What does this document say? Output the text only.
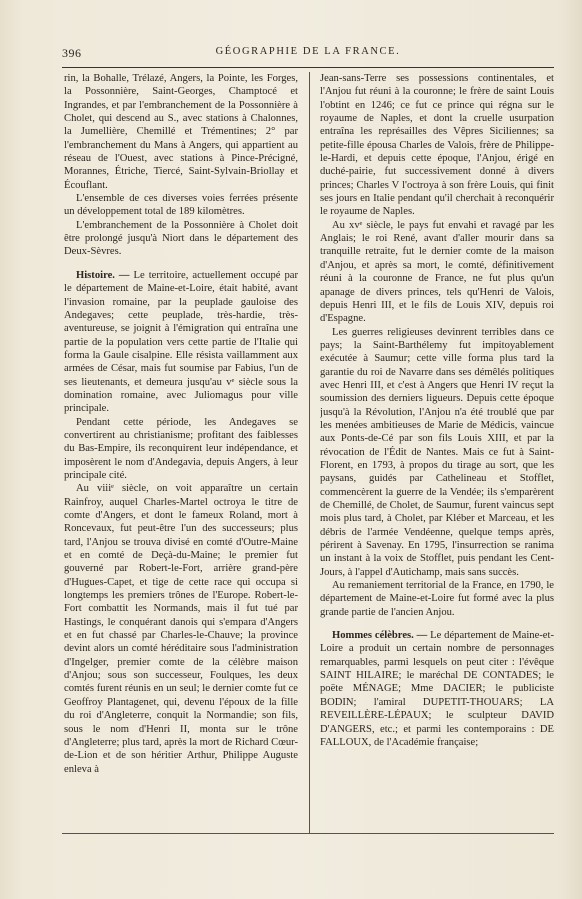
396	GÉOGRAPHIE DE LA FRANCE.

rin, la Bohalle, Trélazé, Angers, la Pointe, les Forges, la Possonnière, Saint-Georges, Champtocé et Ingrandes, et par l'embranchement de la Possonnière à Cholet, qui descend au S., avec stations à Chalonnes, la Jumellière, Chemillé et Trémentines; 2° par l'embranchement du Mans à Angers, qui appartient au réseau de l'Ouest, avec stations à Pince-Précigné, Morannes, Étriche, Tiercé, Saint-Sylvain-Briollay et Écouflant.

L'ensemble de ces diverses voies ferrées présente un développement total de 189 kilomètres.

L'embranchement de la Possonnière à Cholet doit être prolongé jusqu'à Niort dans le département des Deux-Sèvres.

Histoire. — Le territoire, actuellement occupé par le département de Maine-et-Loire, était habité, avant l'invasion romaine, par la peuplade gauloise des Andegaves; cette peuplade, très-hardie, très-aventureuse, se joignit à l'émigration qui entraîna une partie de la population vers cette partie de l'Italie qui forma la Gaule cisalpine. Elle résista vaillamment aux armées de César, mais fut soumise par Fabius, l'un de ses lieutenants, et demeura jusqu'au vᵉ siècle sous la domination romaine, avec Juliomagus pour ville principale.

Pendant cette période, les Andegaves se convertirent au christianisme; profitant des faiblesses du Bas-Empire, ils reconquirent leur indépendance, et imposèrent le nom d'Andegavia, depuis Angers, à leur principale cité.

Au viiiᵉ siècle, on voit apparaître un certain Rainfroy, auquel Charles-Martel octroya le titre de comte d'Angers, et dont le fameux Roland, mort à Roncevaux, fut peut-être l'un des successeurs; plus tard, l'Anjou se trouva divisé en comté d'Outre-Maine et en comté de Deçà-du-Maine; le premier fut gouverné par Robert-le-Fort, arrière grand-père d'Hugues-Capet, et tige de cette race qui occupa si longtemps les premiers trônes de l'Europe. Robert-le-Fort combattit les Normands, mais il fut tué par Hastings, le conquérant danois qui s'empara d'Angers et en fut chassé par Charles-le-Chauve; la province devint alors un comté héréditaire sous l'administration d'Ingelger, premier comte de la célèbre maison d'Anjou; sous son successeur, Foulques, les deux comtés furent réunis en un seul; le dernier comte fut ce Geoffroy Plantagenet, qui, devenu l'époux de la fille du roi d'Angleterre, conquit la Normandie; son fils, sous le nom d'Henri II, monta sur le trône d'Angleterre; plus tard, après la mort de Richard Cœur-de-Lion et de son héritier Arthur, Philippe Auguste enleva à

Jean-sans-Terre ses possessions continentales, et l'Anjou fut réuni à la couronne; le frère de saint Louis l'obtint en 1246; ce fut ce prince qui régna sur le royaume de Naples, et dont la cruelle usurpation entraîna les représailles des Vêpres Siciliennes; sa petite-fille épousa Charles de Valois, frère de Philippe-le-Hardi, et depuis cette époque, l'Anjou, érigé en duché-pairie, fut successivement donné à divers princes; Charles V l'octroya à son frère Louis, qui finit ses jours en Italie pendant qu'il cherchait à reconquérir le royaume de Naples.

Au xvᵉ siècle, le pays fut envahi et ravagé par les Anglais; le roi René, avant d'aller mourir dans sa tranquille retraite, fut le dernier comte de la maison d'Anjou, et après sa mort, le comté, définitivement réuni à la couronne de France, ne fut plus qu'un apanage de divers princes, tels qu'Henri de Valois, depuis Henri III, et le fils de Louis XIV, depuis roi d'Espagne.

Les guerres religieuses devinrent terribles dans ce pays; la Saint-Barthélemy fut impitoyablement exécutée à Saumur; cette ville forma plus tard la garantie du roi de Navarre dans ses démêlés politiques avec Henri III, et c'est à Angers que Henri IV reçut la soumission des derniers ligueurs. Depuis cette époque jusqu'à la Révolution, l'Anjou n'a été troublé que par les menées ambitieuses de Marie de Médicis, vaincue aux Ponts-de-Cé par son fils Louis XIII, et par la révocation de l'Édit de Nantes. Mais ce fut à Saint-Florent, en 1793, à propos du tirage au sort, que les paysans, guidés par Cathelineau et Stofflet, commencèrent la guerre de la Vendée; ils s'emparèrent de Chemillé, de Cholet, de Saumur, furent vaincus sept mois plus tard, à Cholet, par Kléber et Marceau, et les débris de l'armée Vendéenne, quelque temps après, périrent à Savenay. En 1795, l'insurrection se ranima un instant à la voix de Stofflet, puis pendant les Cent-Jours, à l'appel d'Autichamp, mais sans succès.

Au remaniement territorial de la France, en 1790, le département de Maine-et-Loire fut formé avec la plus grande partie de l'ancien Anjou.

Hommes célèbres. — Le département de Maine-et-Loire a produit un certain nombre de personnages remarquables, parmi lesquels on peut citer : l'évêque SAINT HILAIRE; le maréchal DE CONTADES; le poëte MÉNAGE; Mme DACIER; le publiciste BODIN; l'amiral DUPETIT-THOUARS; LA REVEILLÈRE-LÉPAUX; le sculpteur DAVID D'ANGERS, etc.; et parmi les contemporains : DE FALLOUX, de l'Académie française;
